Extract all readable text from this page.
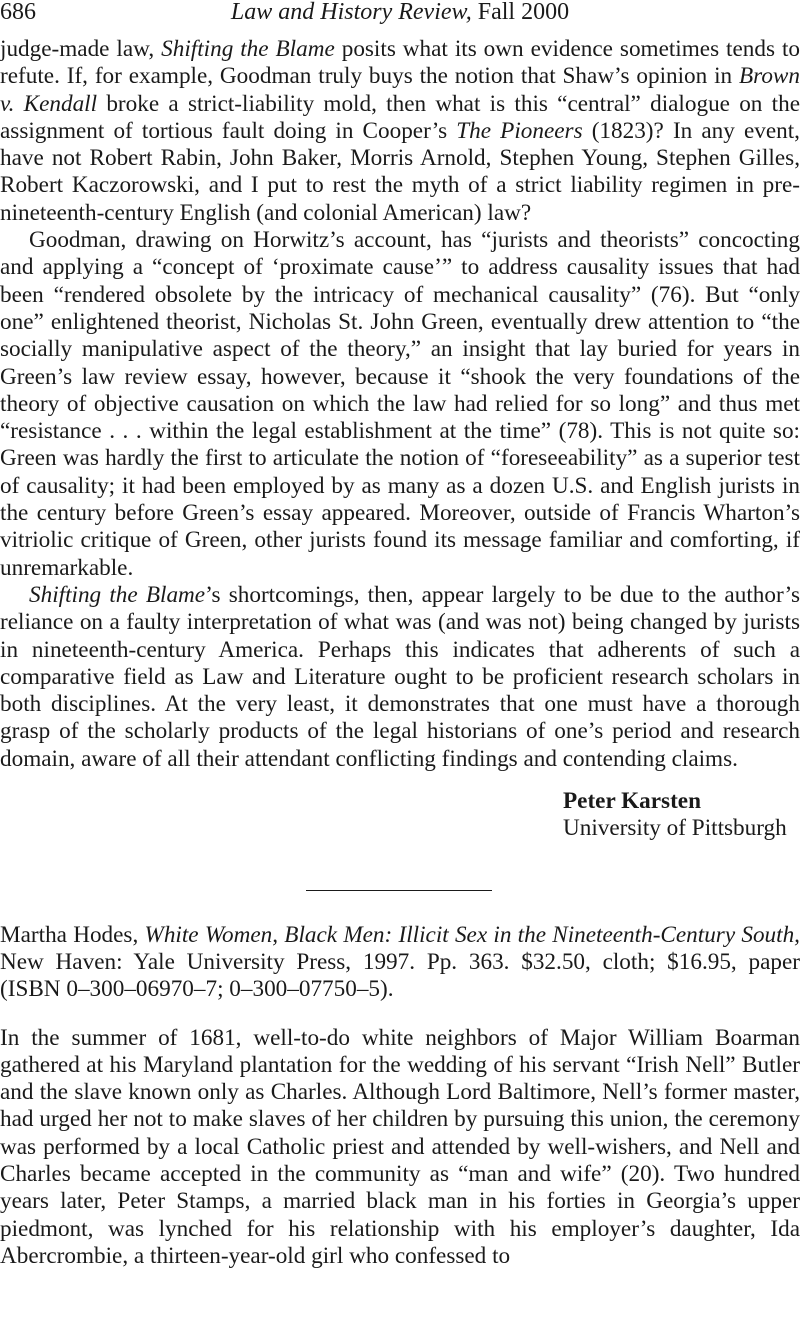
686	Law and History Review, Fall 2000

judge-made law, Shifting the Blame posits what its own evidence sometimes tends to refute. If, for example, Goodman truly buys the notion that Shaw’s opinion in Brown v. Kendall broke a strict-liability mold, then what is this “central” dialogue on the assignment of tortious fault doing in Cooper’s The Pioneers (1823)? In any event, have not Robert Rabin, John Baker, Morris Arnold, Stephen Young, Stephen Gilles, Robert Kaczorowski, and I put to rest the myth of a strict liability regimen in pre-nineteenth-century English (and colonial American) law?

Goodman, drawing on Horwitz’s account, has “jurists and theorists” concocting and applying a “concept of ‘proximate cause’” to address causality issues that had been “rendered obsolete by the intricacy of mechanical causality” (76). But “only one” enlightened theorist, Nicholas St. John Green, eventually drew attention to “the socially manipulative aspect of the theory,” an insight that lay buried for years in Green’s law review essay, however, because it “shook the very foundations of the theory of objective causation on which the law had relied for so long” and thus met “resistance . . . within the legal establishment at the time” (78). This is not quite so: Green was hardly the first to articulate the notion of “foreseeability” as a superior test of causality; it had been employed by as many as a dozen U.S. and English jurists in the century before Green’s essay appeared. Moreover, outside of Francis Wharton’s vitriolic critique of Green, other jurists found its message familiar and comforting, if unremarkable.

Shifting the Blame’s shortcomings, then, appear largely to be due to the author’s reliance on a faulty interpretation of what was (and was not) being changed by jurists in nineteenth-century America. Perhaps this indicates that adherents of such a comparative field as Law and Literature ought to be proficient research scholars in both disciplines. At the very least, it demonstrates that one must have a thorough grasp of the scholarly products of the legal historians of one’s period and research domain, aware of all their attendant conflicting findings and contending claims.

Peter Karsten
University of Pittsburgh

Martha Hodes, White Women, Black Men: Illicit Sex in the Nineteenth-Century South, New Haven: Yale University Press, 1997. Pp. 363. $32.50, cloth; $16.95, paper (ISBN 0–300–06970–7; 0–300–07750–5).

In the summer of 1681, well-to-do white neighbors of Major William Boarman gathered at his Maryland plantation for the wedding of his servant “Irish Nell” Butler and the slave known only as Charles. Although Lord Baltimore, Nell’s former master, had urged her not to make slaves of her children by pursuing this union, the ceremony was performed by a local Catholic priest and attended by well-wishers, and Nell and Charles became accepted in the community as “man and wife” (20). Two hundred years later, Peter Stamps, a married black man in his forties in Georgia’s upper piedmont, was lynched for his relationship with his employer’s daughter, Ida Abercrombie, a thirteen-year-old girl who confessed to
